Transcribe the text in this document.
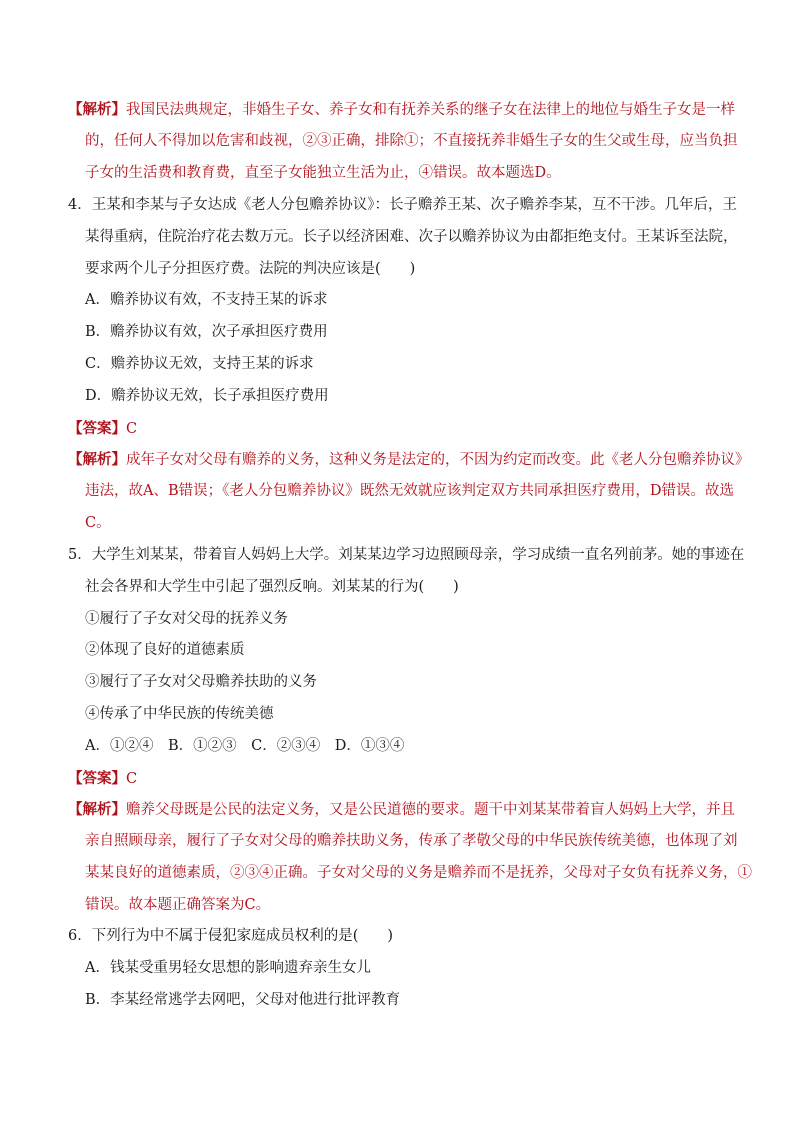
【解析】我国民法典规定，非婚生子女、养子女和有抚养关系的继子女在法律上的地位与婚生子女是一样
的，任何人不得加以危害和歧视，②③正确，排除①；不直接抚养非婚生子女的生父或生母，应当负担
子女的生活费和教育费，直至子女能独立生活为止，④错误。故本题选D。
4．王某和李某与子女达成《老人分包赡养协议》：长子赡养王某、次子赡养李某，互不干涉。几年后，王
某得重病，住院治疗花去数万元。长子以经济困难、次子以赡养协议为由都拒绝支付。王某诉至法院，
要求两个儿子分担医疗费。法院的判决应该是(　　)
A．赡养协议有效，不支持王某的诉求
B．赡养协议有效，次子承担医疗费用
C．赡养协议无效，支持王某的诉求
D．赡养协议无效，长子承担医疗费用
【答案】C
【解析】成年子女对父母有赡养的义务，这种义务是法定的，不因为约定而改变。此《老人分包赡养协议》
违法，故A、B错误；《老人分包赡养协议》既然无效就应该判定双方共同承担医疗费用，D错误。故选
C。
5．大学生刘某某，带着盲人妈妈上大学。刘某某边学习边照顾母亲，学习成绩一直名列前茅。她的事迹在
社会各界和大学生中引起了强烈反响。刘某某的行为(　　)
①履行了子女对父母的抚养义务
②体现了良好的道德素质
③履行了子女对父母赡养扶助的义务
④传承了中华民族的传统美德
A．①②④　B．①②③　C．②③④　D．①③④
【答案】C
【解析】赡养父母既是公民的法定义务，又是公民道德的要求。题干中刘某某带着盲人妈妈上大学，并且
亲自照顾母亲，履行了子女对父母的赡养扶助义务，传承了孝敬父母的中华民族传统美德，也体现了刘
某某良好的道德素质，②③④正确。子女对父母的义务是赡养而不是抚养，父母对子女负有抚养义务，①
错误。故本题正确答案为C。
6．下列行为中不属于侵犯家庭成员权利的是(　　)
A．钱某受重男轻女思想的影响遗弃亲生女儿
B．李某经常逃学去网吧，父母对他进行批评教育
